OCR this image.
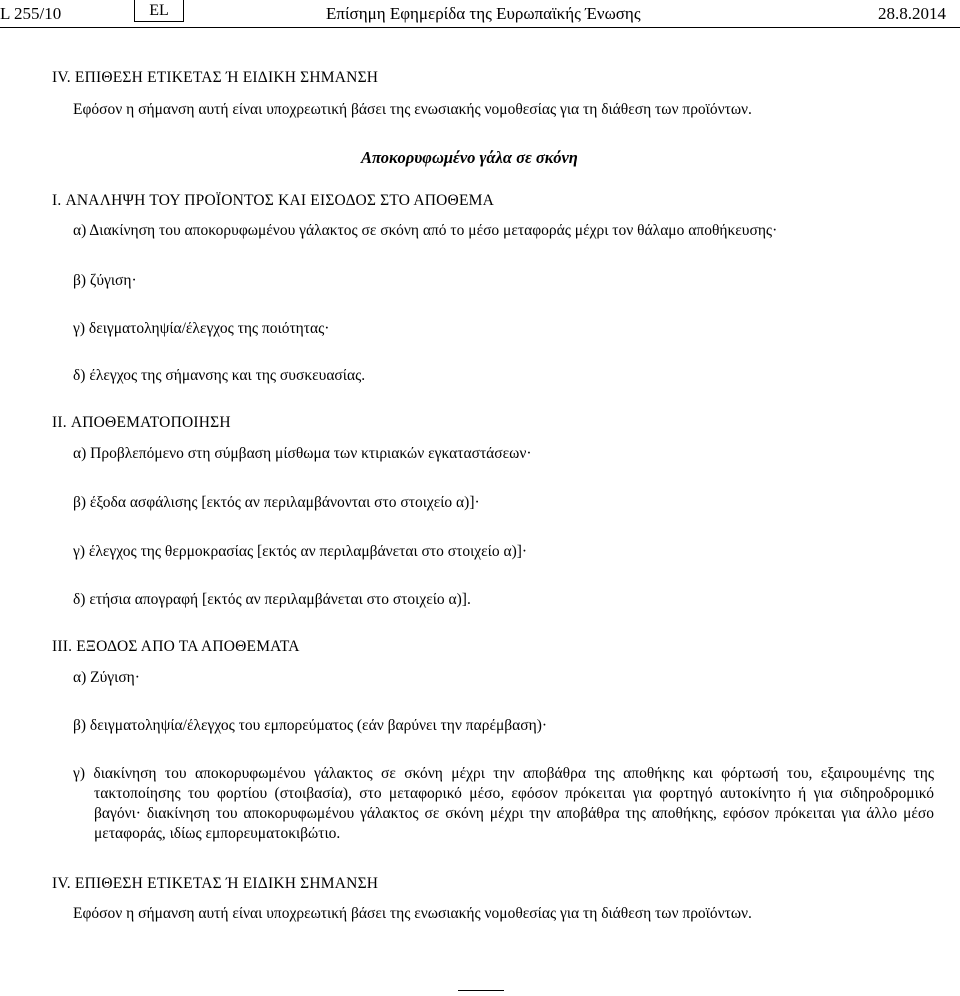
L 255/10	EL	Επίσημη Εφημερίδα της Ευρωπαϊκής Ένωσης	28.8.2014
IV. ΕΠΙΘΕΣΗ ΕΤΙΚΕΤΑΣ Ή ΕΙΔΙΚΗ ΣΗΜΑΝΣΗ
Εφόσον η σήμανση αυτή είναι υποχρεωτική βάσει της ενωσιακής νομοθεσίας για τη διάθεση των προϊόντων.
Αποκορυφωμένο γάλα σε σκόνη
I. ΑΝΑΛΗΨΗ ΤΟΥ ΠΡΟΪΟΝΤΟΣ ΚΑΙ ΕΙΣΟΔΟΣ ΣΤΟ ΑΠΟΘΕΜΑ
α) Διακίνηση του αποκορυφωμένου γάλακτος σε σκόνη από το μέσο μεταφοράς μέχρι τον θάλαμο αποθήκευσης·
β) ζύγιση·
γ) δειγματοληψία/έλεγχος της ποιότητας·
δ) έλεγχος της σήμανσης και της συσκευασίας.
II. ΑΠΟΘΕΜΑΤΟΠΟΙΗΣΗ
α) Προβλεπόμενο στη σύμβαση μίσθωμα των κτιριακών εγκαταστάσεων·
β) έξοδα ασφάλισης [εκτός αν περιλαμβάνονται στο στοιχείο α)]·
γ) έλεγχος της θερμοκρασίας [εκτός αν περιλαμβάνεται στο στοιχείο α)]·
δ) ετήσια απογραφή [εκτός αν περιλαμβάνεται στο στοιχείο α)].
III. ΕΞΟΔΟΣ ΑΠΟ ΤΑ ΑΠΟΘΕΜΑΤΑ
α) Ζύγιση·
β) δειγματοληψία/έλεγχος του εμπορεύματος (εάν βαρύνει την παρέμβαση)·
γ) διακίνηση του αποκορυφωμένου γάλακτος σε σκόνη μέχρι την αποβάθρα της αποθήκης και φόρτωσή του, εξαιρουμένης της τακτοποίησης του φορτίου (στοιβασία), στο μεταφορικό μέσο, εφόσον πρόκειται για φορτηγό αυτοκίνητο ή για σιδηροδρομικό βαγόνι· διακίνηση του αποκορυφωμένου γάλακτος σε σκόνη μέχρι την αποβάθρα της αποθήκης, εφόσον πρόκειται για άλλο μέσο μεταφοράς, ιδίως εμπορευματοκιβώτιο.
IV. ΕΠΙΘΕΣΗ ΕΤΙΚΕΤΑΣ Ή ΕΙΔΙΚΗ ΣΗΜΑΝΣΗ
Εφόσον η σήμανση αυτή είναι υποχρεωτική βάσει της ενωσιακής νομοθεσίας για τη διάθεση των προϊόντων.
